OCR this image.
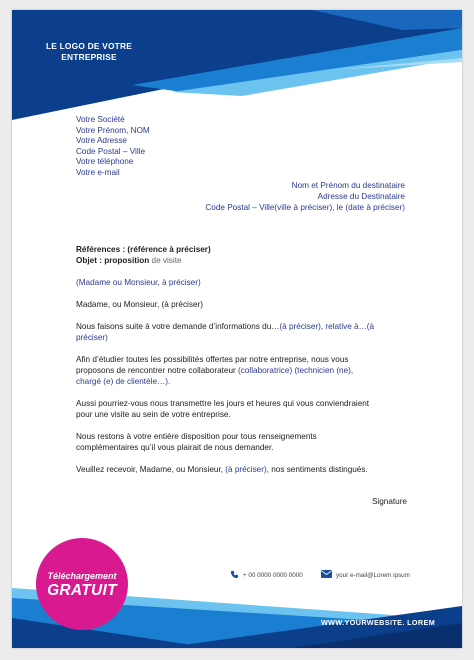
LE LOGO DE VOTRE
ENTREPRISE
Votre Société
Votre Prénom, NOM
Votre Adresse
Code Postal – Ville
Votre téléphone
Votre e-mail
Nom et Prénom du destinataire
Adresse du Destinataire
Code Postal – Ville(ville à préciser), le (date à préciser)
Références : (référence à préciser)
Objet : proposition de visite
(Madame ou Monsieur, à préciser)
Madame, ou Monsieur, (à préciser)
Nous faisons suite à votre demande d’informations du…(à préciser), relative à…(à préciser)
Afin d’étudier toutes les possibilités offertes par notre entreprise, nous vous proposons de rencontrer notre collaborateur (collaboratrice) (technicien (ne), chargé (e) de clientèle…).
Aussi pourriez-vous nous transmettre les jours et heures qui vous conviendraient pour une visite au sein de votre entreprise.
Nous restons à votre entière disposition pour tous renseignements complémentaires qu’il vous plairait de nous demander.
Veuillez recevoir, Madame, ou Monsieur, (à préciser), nos sentiments distingués.
Signature
+ 00 0000 0000 0000	your e-mail@Lorem ipsum
WWW.YOURWEBSITE. LOREM
Téléchargement
GRATUIT
